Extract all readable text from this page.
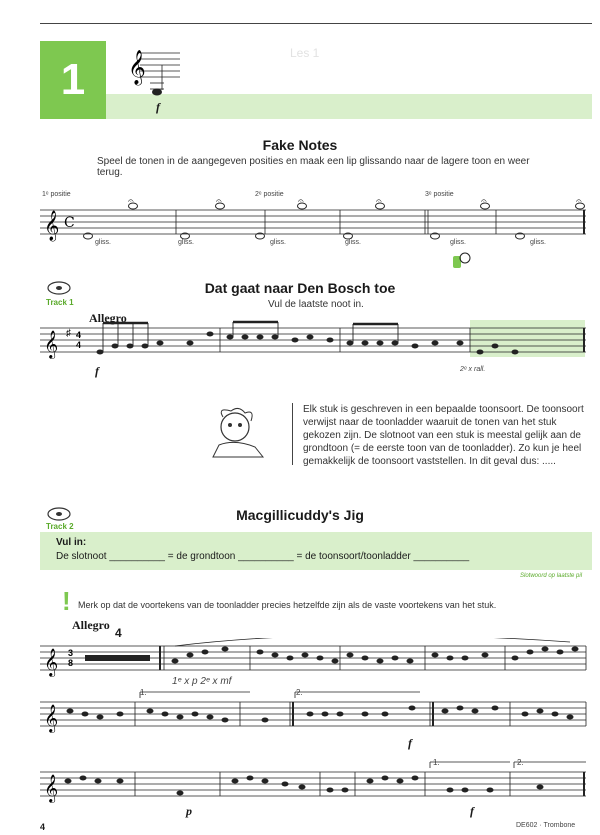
1
Les 1
𝄞
f
Fake Notes
Speel de tonen in de aangegeven posities en maak een lip glissando naar de lagere toon en weer terug.
1ᵉ positie	2ᵉ positie	3ᵉ positie
𝄞 C
𝄐	𝄐	𝄐	𝄐	𝄐	𝄐
gliss.	gliss.	gliss.	gliss.	gliss.	gliss.
Track 1
Dat gaat naar Den Bosch toe
Vul de laatste noot in.
Allegro
𝄞 ♯ 4
4
f	2ᵉ x rall.
Elk stuk is geschreven in een bepaalde toonsoort. De toonsoort verwijst naar de toonladder waaruit de tonen van het stuk gekozen zijn. De slotnoot van een stuk is meestal gelijk aan de grondtoon (= de eerste toon van de toonladder). Zo kun je heel gemakkelijk de toonsoort vaststellen. In dit geval dus: .....
Track 2
Macgillicuddy's Jig
Vul in:
De slotnoot __________ = de grondtoon __________ = de toonsoort/toonladder __________
Slotwoord op laatste pil
! Merk op dat de voortekens van de toonladder precies hetzelfde zijn als de vaste voortekens van het stuk.
Allegro
4
𝄞 3
8
1ᵉ x p 2ᵉ x mf
1.	2.
𝄞
f
1.	2.
𝄞
p	f
4	DE602 · Trombone
